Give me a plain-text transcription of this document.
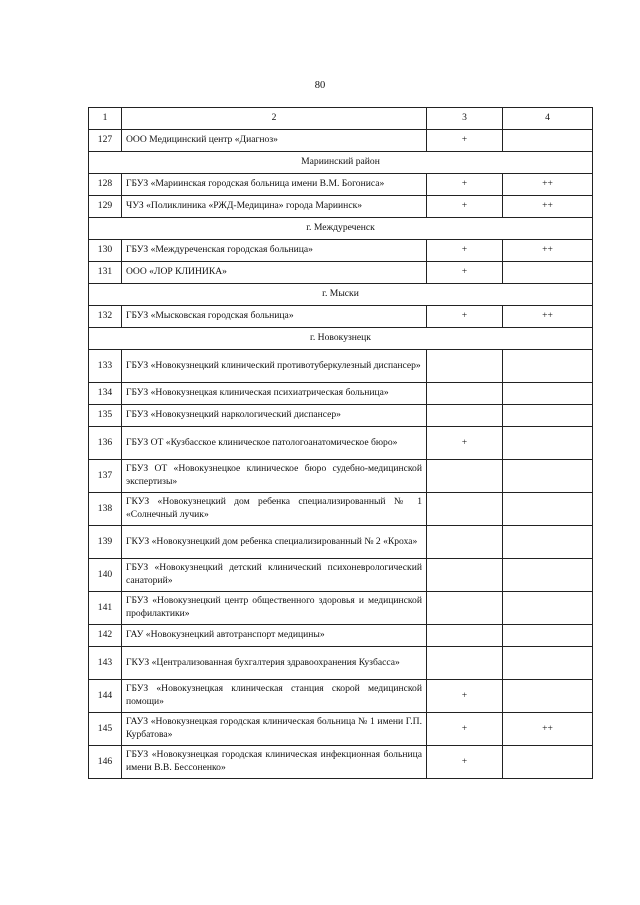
80
1	2	3	4
127	ООО Медицинский центр «Диагноз»	+	
Мариинский район			
128	ГБУЗ «Мариинская городская больница имени В.М. Богониса»	+	++
129	ЧУЗ «Поликлиника «РЖД-Медицина» города Мариинск»	+	++
г. Междуреченск			
130	ГБУЗ «Междуреченская городская больница»	+	++
131	ООО «ЛОР КЛИНИКА»	+	
г. Мыски			
132	ГБУЗ «Мысковская городская больница»	+	++
г. Новокузнецк			
133	ГБУЗ «Новокузнецкий клинический противотуберкулезный диспансер»		
134	ГБУЗ «Новокузнецкая клиническая психиатрическая больница»		
135	ГБУЗ «Новокузнецкий наркологический диспансер»		
136	ГБУЗ ОТ «Кузбасское клиническое патологоанатомическое бюро»	+	
137	ГБУЗ ОТ «Новокузнецкое клиническое бюро судебно-медицинской экспертизы»		
138	ГКУЗ «Новокузнецкий дом ребенка специализированный № 1 «Солнечный лучик»		
139	ГКУЗ «Новокузнецкий дом ребенка специализированный № 2 «Кроха»		
140	ГБУЗ «Новокузнецкий детский клинический психоневрологический санаторий»		
141	ГБУЗ «Новокузнецкий центр общественного здоровья и медицинской профилактики»		
142	ГАУ «Новокузнецкий автотранспорт медицины»		
143	ГКУЗ «Централизованная бухгалтерия здравоохранения Кузбасса»		
144	ГБУЗ «Новокузнецкая клиническая станция скорой медицинской помощи»	+	
145	ГАУЗ «Новокузнецкая городская клиническая больница № 1 имени Г.П. Курбатова»	+	++
146	ГБУЗ «Новокузнецкая городская клиническая инфекционная больница имени В.В. Бессоненко»	+	
